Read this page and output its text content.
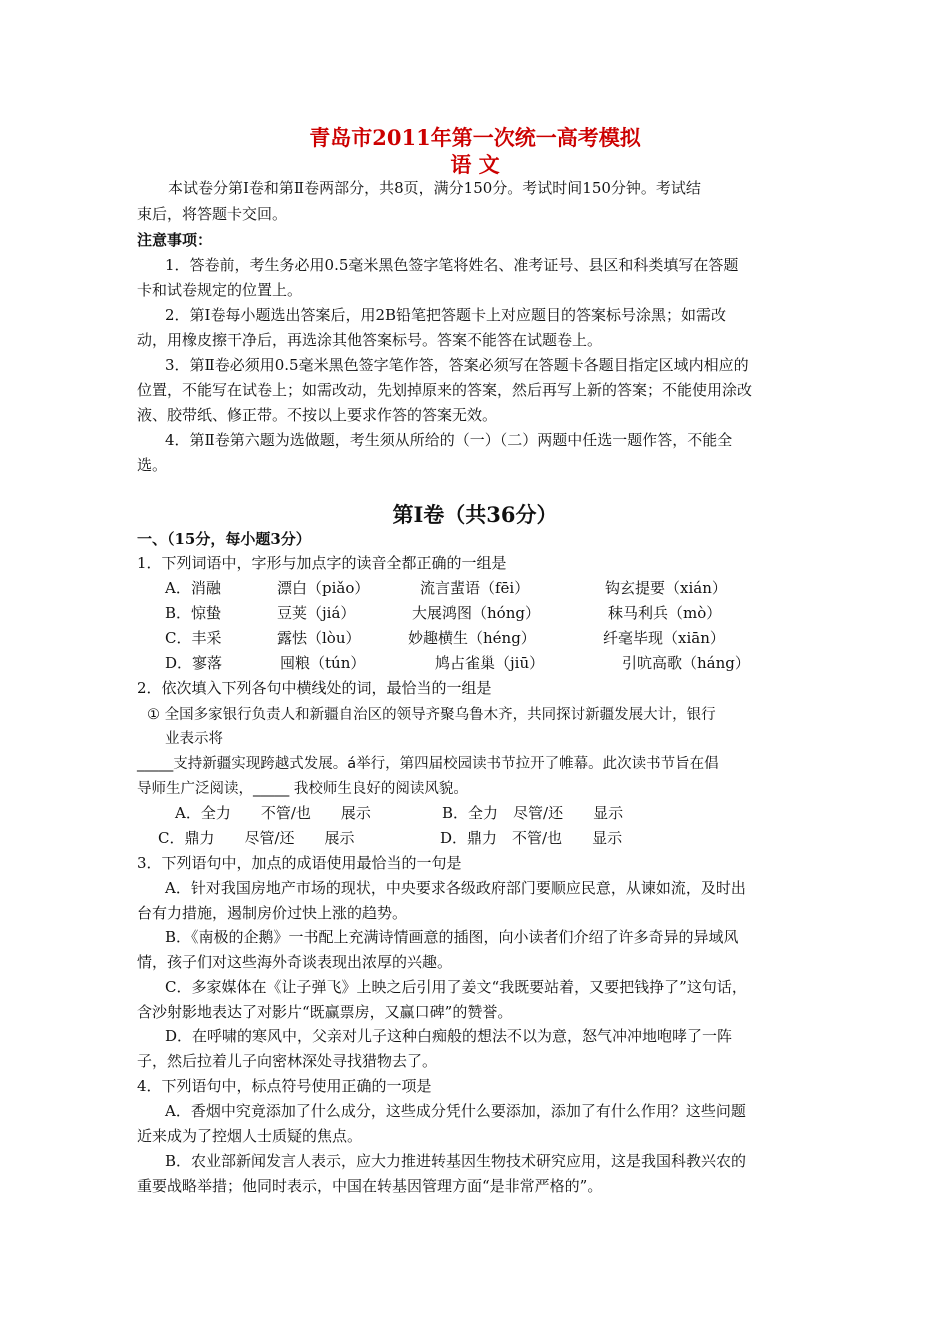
青岛市2011年第一次统一高考模拟
语 文
本试卷分第Ⅰ卷和第Ⅱ卷两部分，共8页，满分150分。考试时间150分钟。考试结
束后，将答题卡交回。
注意事项：
1．答卷前，考生务必用0.5毫米黑色签字笔将姓名、准考证号、县区和科类填写在答题
卡和试卷规定的位置上。
2．第Ⅰ卷每小题选出答案后，用2B铅笔把答题卡上对应题目的答案标号涂黑；如需改
动，用橡皮擦干净后，再选涂其他答案标号。答案不能答在试题卷上。
3．第Ⅱ卷必须用0.5毫米黑色签字笔作答，答案必须写在答题卡各题目指定区域内相应的
位置，不能写在试卷上；如需改动，先划掉原来的答案，然后再写上新的答案；不能使用涂改
液、胶带纸、修正带。不按以上要求作答的答案无效。
4．第Ⅱ卷第六题为选做题，考生须从所给的（一）（二）两题中任选一题作答，不能全
选。
第Ⅰ卷（共36分）
一、（15分，每小题3分）
1．下列词语中，字形与加点字的读音全都正确的一组是
A．消融	漂白（piǎo）	流言蜚语（fēi）	钩玄提要（xián）
B．惊蛰	豆荚（jiá）	大展鸿图（hóng）	秣马利兵（mò）
C．丰采	露怯（lòu）	妙趣横生（héng）	纤毫毕现（xiān）
D．寥落	囤粮（tún）	鸠占雀巢（jiū）	引吭高歌（háng）
2．依次填入下列各句中横线处的词，最恰当的一组是
① 全国多家银行负责人和新疆自治区的领导齐聚乌鲁木齐，共同探讨新疆发展大计，银行
业表示将
_____支持新疆实现跨越式发展。á举行，第四届校园读书节拉开了帷幕。此次读书节旨在倡
导师生广泛阅读，_____ 我校师生良好的阅读风貌。
A．全力　　不管/也　　展示	B．全力　尽管/还　　显示
C．鼎力　　尽管/还　　展示	D．鼎力　不管/也　　显示
3．下列语句中，加点的成语使用最恰当的一句是
A．针对我国房地产市场的现状，中央要求各级政府部门要顺应民意，从谏如流，及时出
台有力措施，遏制房价过快上涨的趋势。
B．《南极的企鹅》一书配上充满诗情画意的插图，向小读者们介绍了许多奇异的异域风
情，孩子们对这些海外奇谈表现出浓厚的兴趣。
C．多家媒体在《让子弹飞》上映之后引用了姜文“我既要站着，又要把钱挣了”这句话，
含沙射影地表达了对影片“既赢票房，又赢口碑”的赞誉。
D．在呼啸的寒风中，父亲对儿子这种白痴般的想法不以为意，怒气冲冲地咆哮了一阵
子，然后拉着儿子向密林深处寻找猎物去了。
4．下列语句中，标点符号使用正确的一项是
A．香烟中究竟添加了什么成分，这些成分凭什么要添加，添加了有什么作用？这些问题
近来成为了控烟人士质疑的焦点。
B．农业部新闻发言人表示，应大力推进转基因生物技术研究应用，这是我国科教兴农的
重要战略举措；他同时表示，中国在转基因管理方面“是非常严格的”。
